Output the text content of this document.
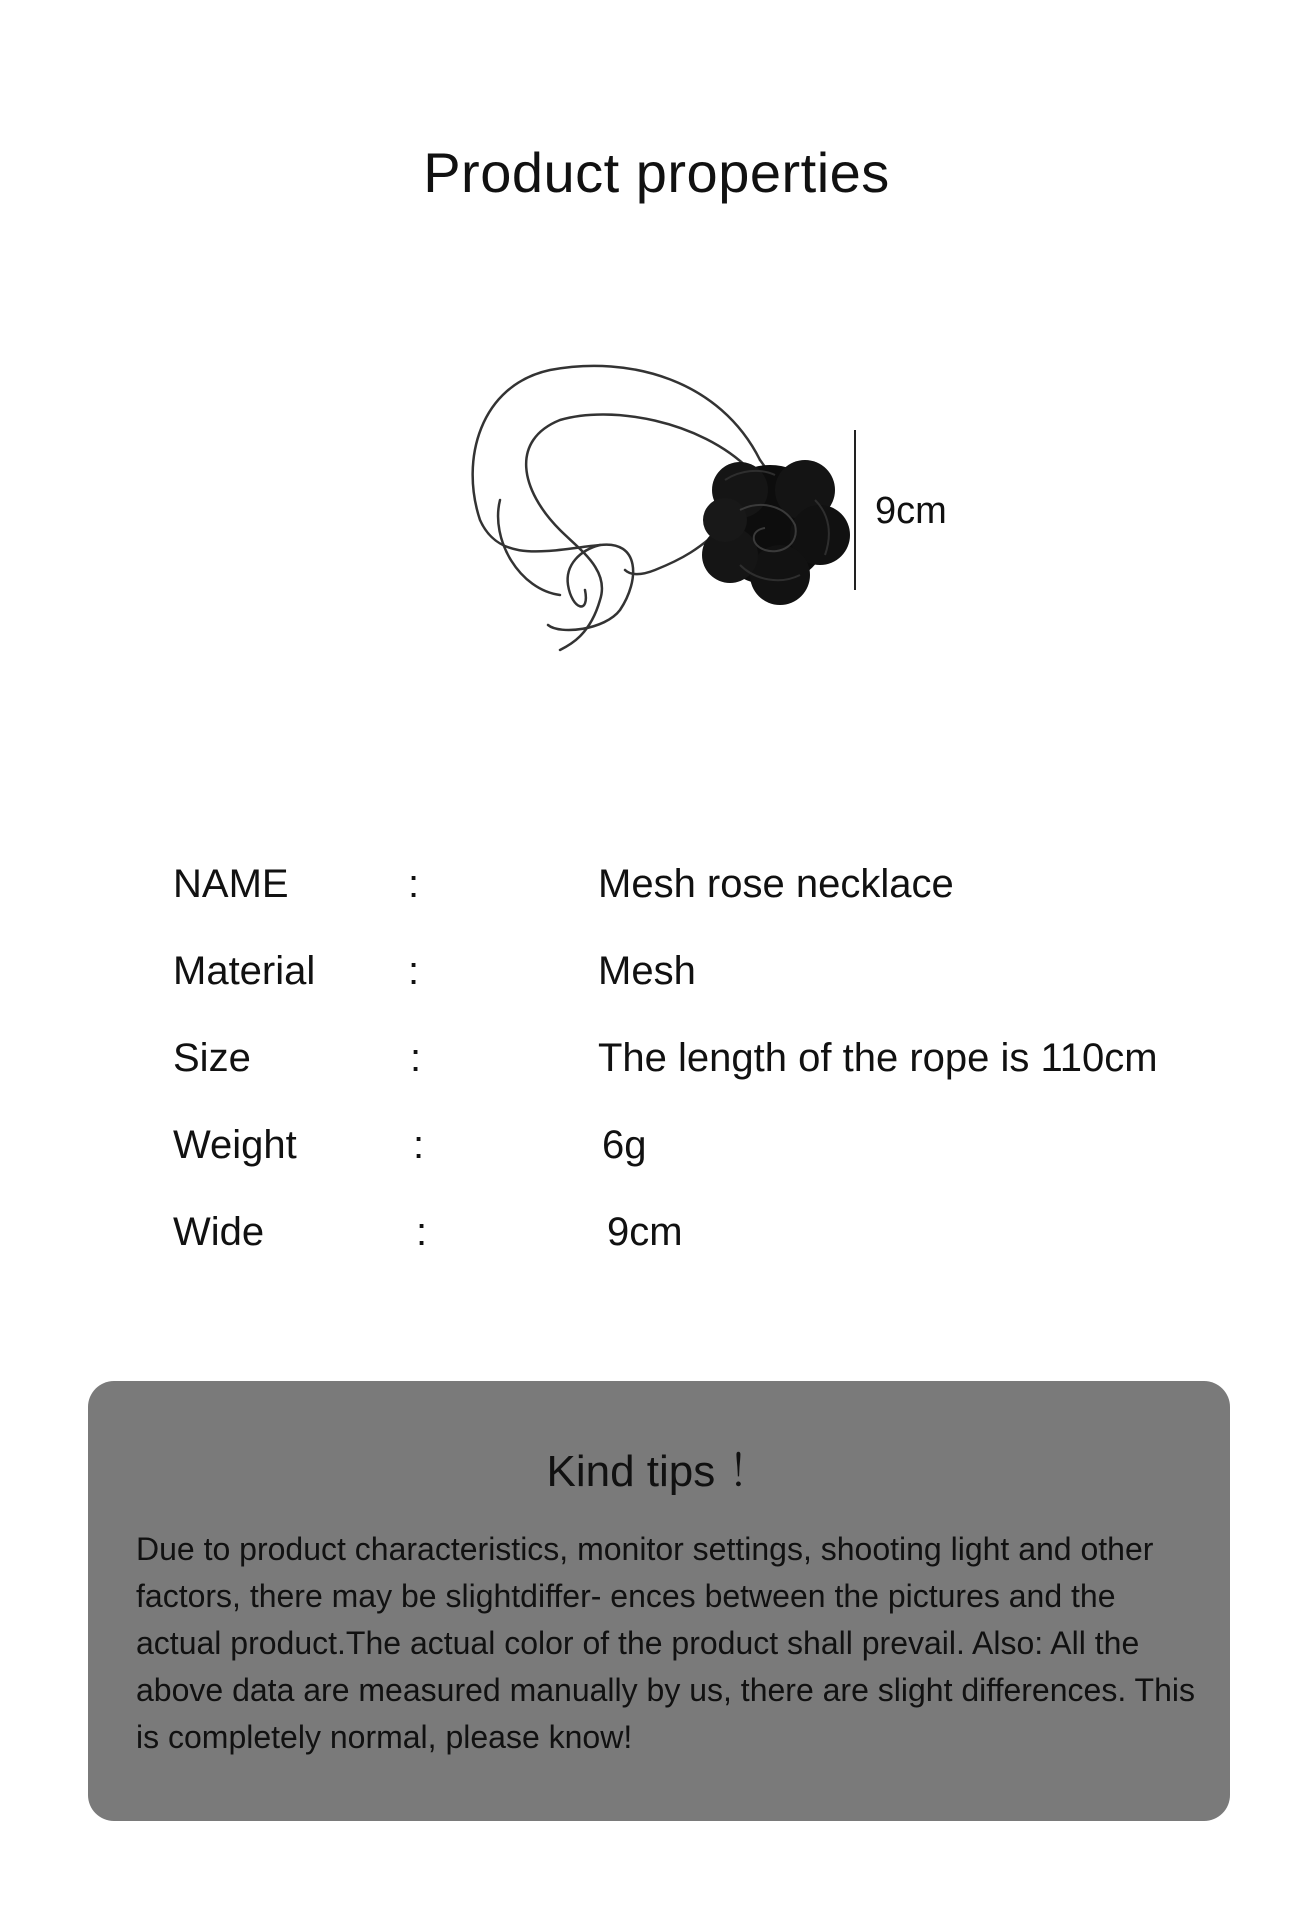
Product properties
9cm
NAME	:	Mesh rose necklace
Material :	Mesh
Size	:	The length of the rope is 110cm
Weight	:	6g
Wide	:	9cm
Kind tips ！

Due to product characteristics, monitor settings, shooting light and other factors, there may be slightdiffer- ences between the pictures and the actual product.The actual color of the product shall prevail. Also: All the above data are measured manually by us, there are slight differences. This is completely normal, please know!
